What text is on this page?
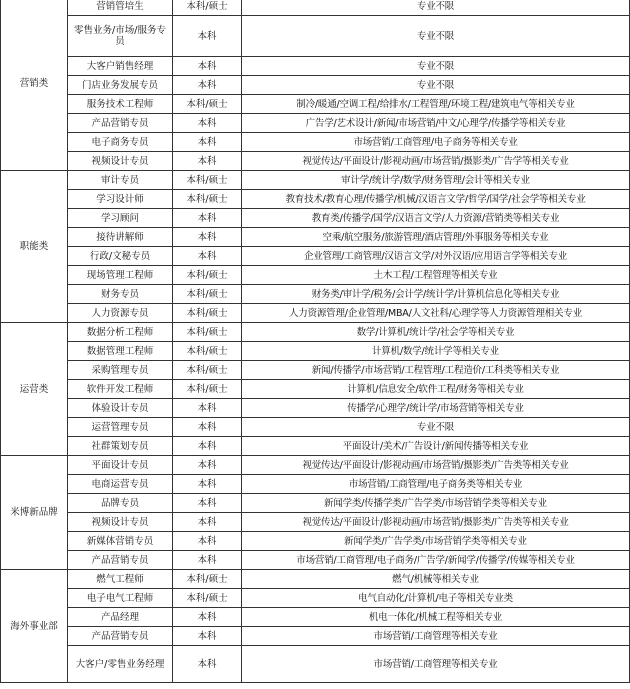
营销类	营销管培生	本科/硕士	专业不限
	零售业务/市场/服务专员	本科	专业不限
	大客户销售经理	本科	专业不限
	门店业务发展专员	本科	专业不限
	服务技术工程师	本科/硕士	制冷/暖通/空调工程/给排水/工程管理/环境工程/建筑电气等相关专业
	产品营销专员	本科	广告学/艺术设计/新闻/市场营销/中文/心理学/传播学等相关专业
	电子商务专员	本科	市场营销/工商管理/电子商务等相关专业
	视频设计专员	本科	视觉传达/平面设计/影视动画/市场营销/摄影类/广告学等相关专业
职能类	审计专员	本科/硕士	审计学/统计学/数学/财务管理/会计等相关专业
	学习设计师	本科/硕士	教育技术/教育心理/传播学/机械/汉语言文学/哲学/国学/社会学等相关专业
	学习顾问	本科	教育类/传播学/国学/汉语言文学/人力资源/营销类等相关专业
	接待讲解师	本科	空乘/航空服务/旅游管理/酒店管理/外事服务等相关专业
	行政/文秘专员	本科	企业管理/工商管理/汉语言文学/对外汉语/应用语言学等相关专业
	现场管理工程师	本科/硕士	土木工程/工程管理等相关专业
	财务专员	本科/硕士	财务类/审计学/税务/会计学/统计学/计算机信息化等相关专业
	人力资源专员	本科/硕士	人力资源管理/企业管理/MBA/人文社科/心理学等人力资源管理相关专业
运营类	数据分析工程师	本科/硕士	数学/计算机/统计学/社会学等相关专业
	数据管理工程师	本科/硕士	计算机/数学/统计学等相关专业
	采购管理专员	本科/硕士	新闻/传播学/市场营销/工程管理/工程造价/工科类等相关专业
	软件开发工程师	本科/硕士	计算机/信息安全/软件工程/财务等相关专业
	体验设计专员	本科	传播学/心理学/统计学/市场营销等相关专业
	运营管理专员	本科	专业不限
	社群策划专员	本科	平面设计/美术/广告设计/新闻传播等相关专业
米博新品牌	平面设计专员	本科	视觉传达/平面设计/影视动画/市场营销/摄影类/广告类等相关专业
	电商运营专员	本科	市场营销/工商管理/电子商务类等相关专业
	品牌专员	本科	新闻学类/传播学类/广告学类/市场营销学类等相关专业
	视频设计专员	本科	视觉传达/平面设计/影视动画/市场营销/摄影类/广告类等相关专业
	新媒体营销专员	本科	新闻学类/广告学类/市场营销学类等相关专业
	产品营销专员	本科	市场营销/工商管理/电子商务/广告学/新闻学/传播学/传媒等相关专业
海外事业部	燃气工程师	本科/硕士	燃气/机械等相关专业
	电子电气工程师	本科/硕士	电气自动化/计算机/电子等相关专业类
	产品经理	本科	机电一体化/机械工程等相关专业
	产品营销专员	本科	市场营销/工商管理等相关专业
	大客户/零售业务经理	本科	市场营销/工商管理等相关专业
